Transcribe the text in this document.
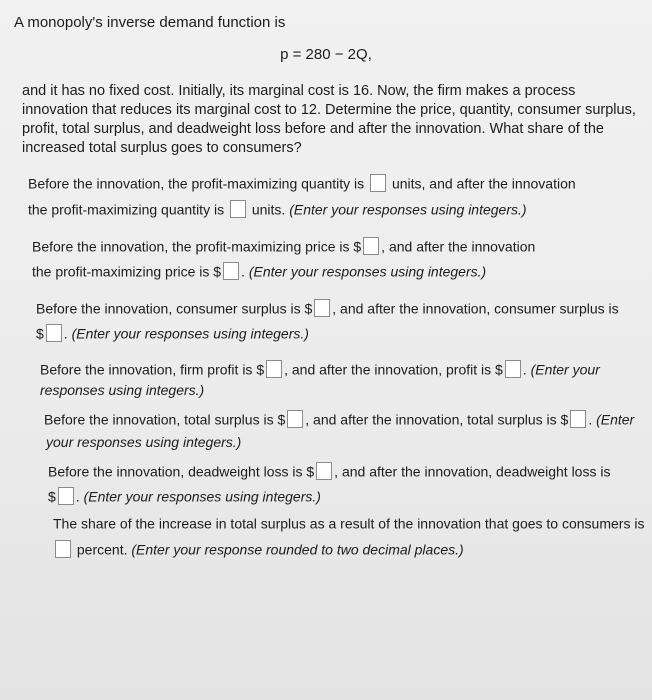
A monopoly's inverse demand function is
p = 280 − 2Q,
and it has no fixed cost. Initially, its marginal cost is 16. Now, the firm makes a process innovation that reduces its marginal cost to 12. Determine the price, quantity, consumer surplus, profit, total surplus, and deadweight loss before and after the innovation. What share of the increased total surplus goes to consumers?
Before the innovation, the profit-maximizing quantity is units, and after the innovation
the profit-maximizing quantity is units. (Enter your responses using integers.)
Before the innovation, the profit-maximizing price is $ , and after the innovation
the profit-maximizing price is $ . (Enter your responses using integers.)
Before the innovation, consumer surplus is $ , and after the innovation, consumer surplus is
$ . (Enter your responses using integers.)
Before the innovation, firm profit is $ , and after the innovation, profit is $ . (Enter your
responses using integers.)
Before the innovation, total surplus is $ , and after the innovation, total surplus is $ . (Enter
your responses using integers.)
Before the innovation, deadweight loss is $ , and after the innovation, deadweight loss is
$ . (Enter your responses using integers.)
The share of the increase in total surplus as a result of the innovation that goes to consumers is
percent. (Enter your response rounded to two decimal places.)
